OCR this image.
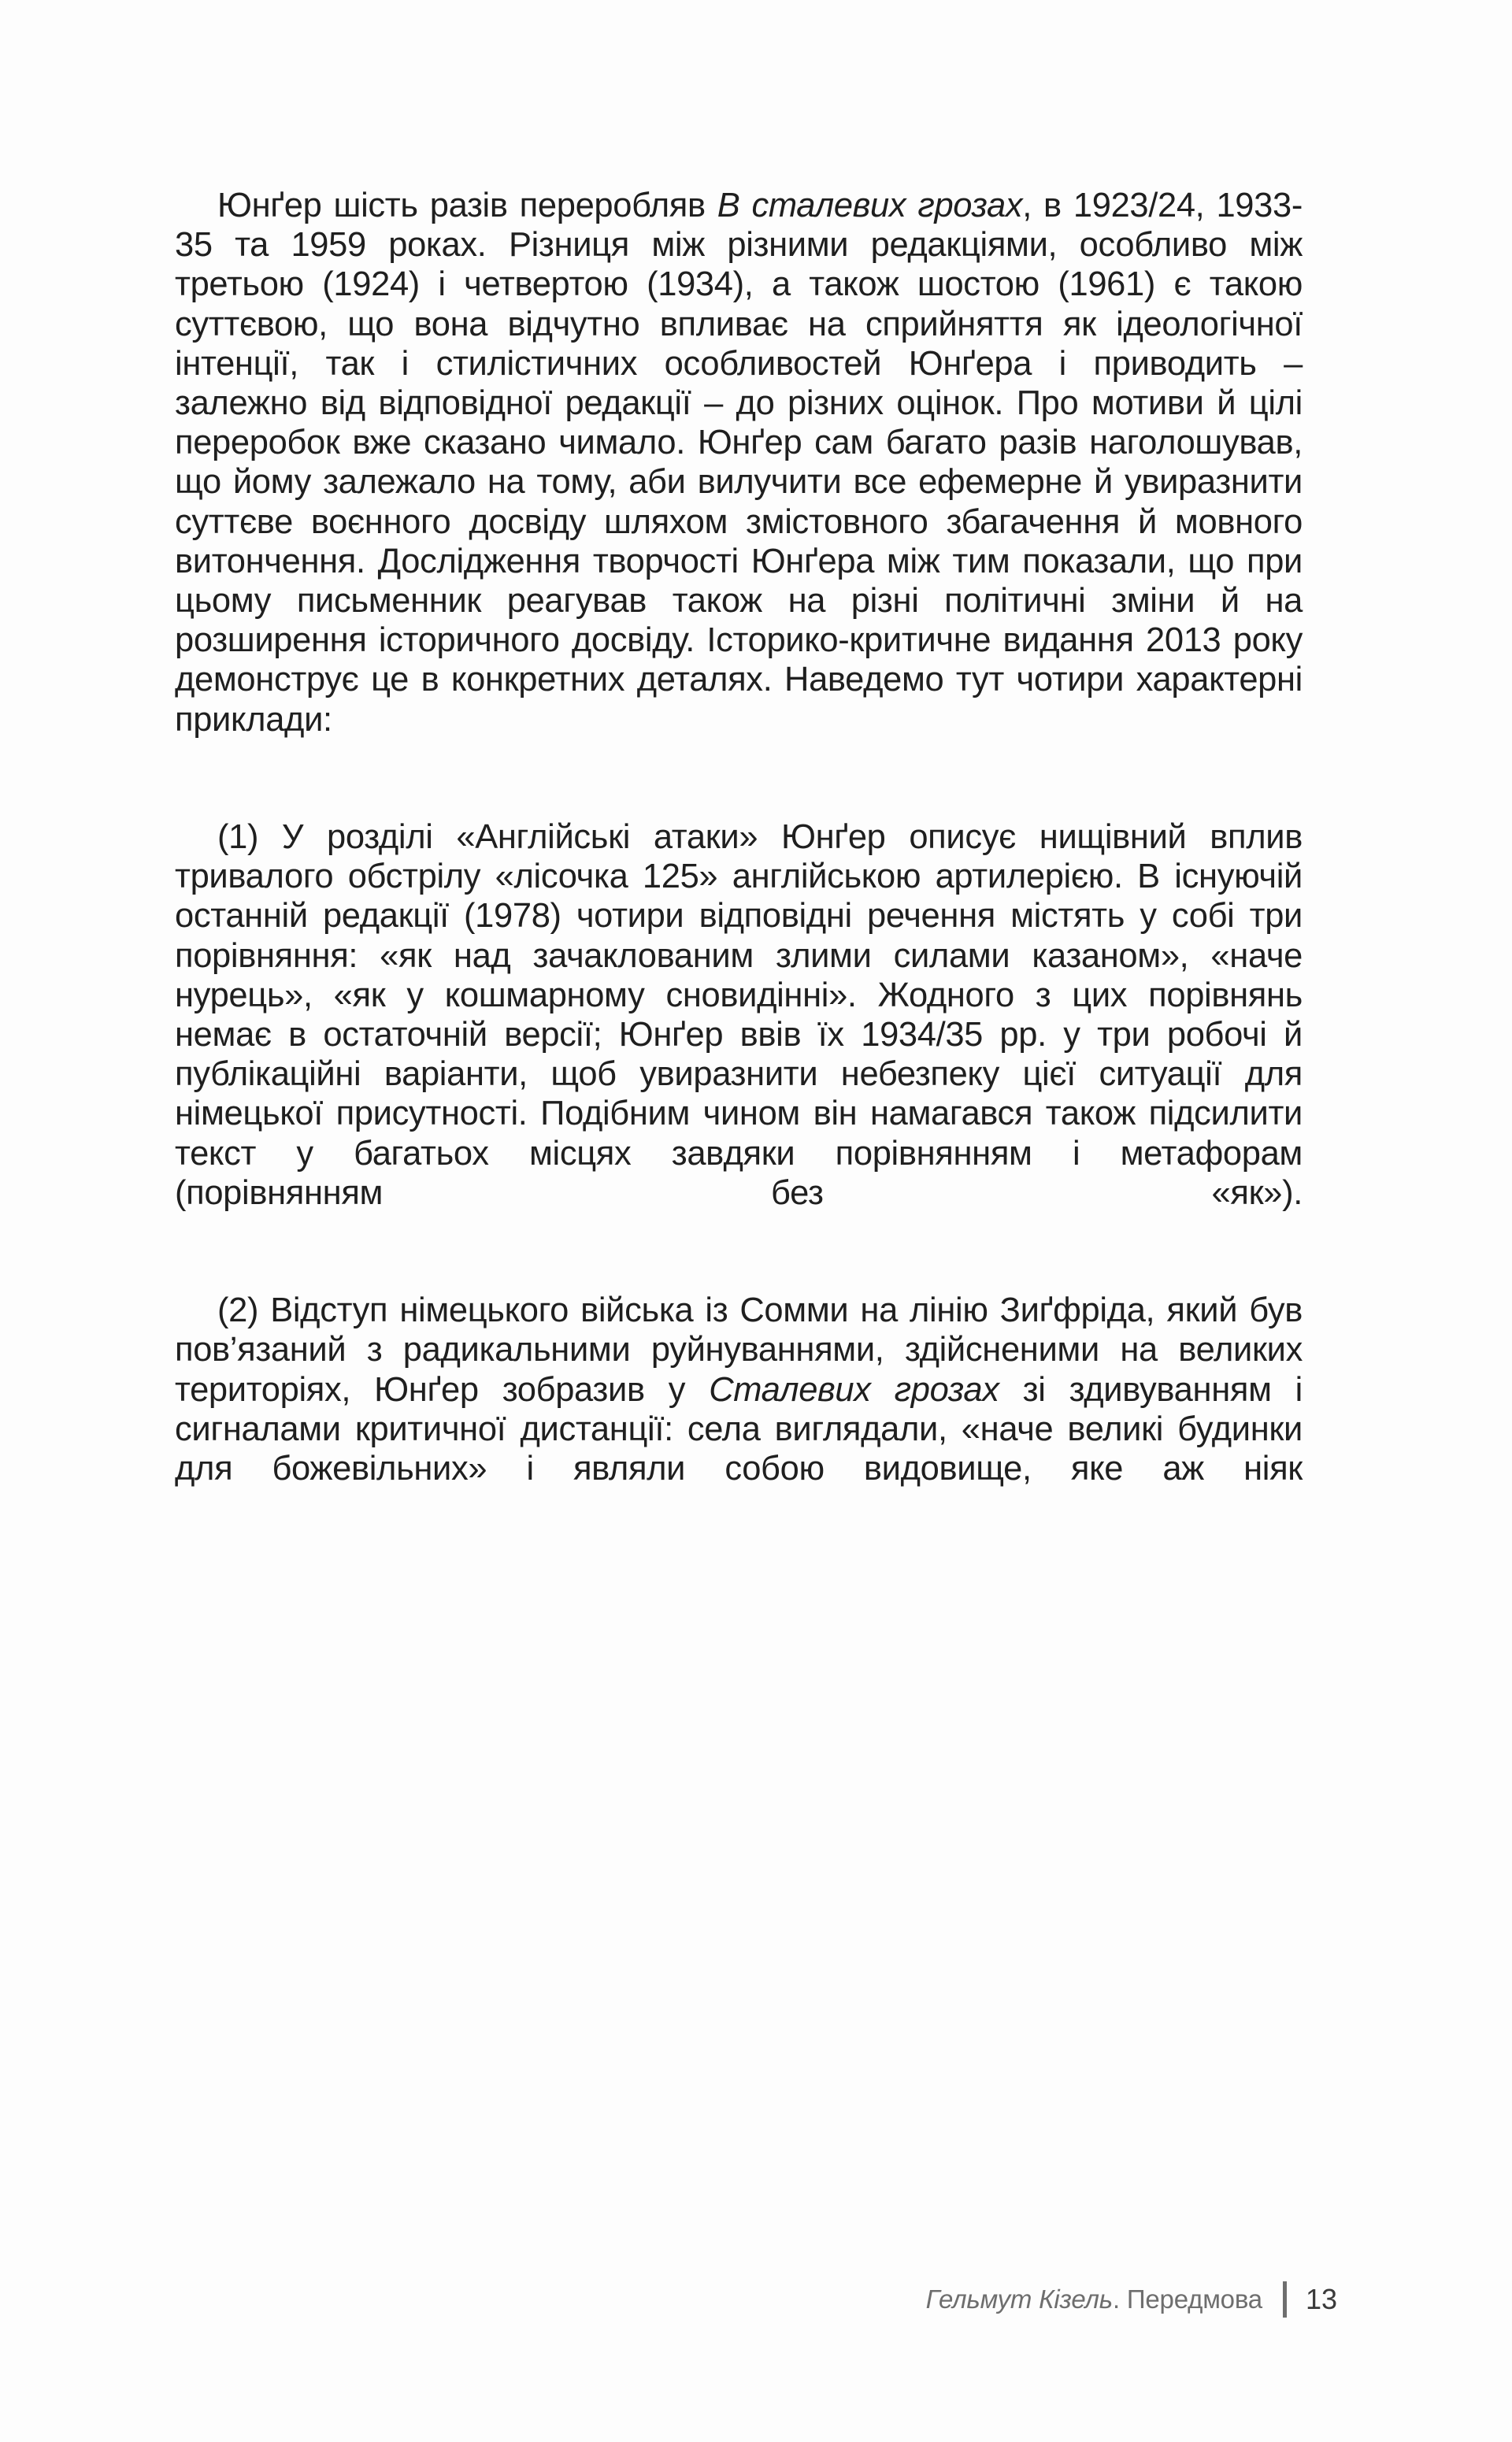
Юнґер шість разів переробляв В сталевих грозах, в 1923/24, 1933-35 та 1959 роках. Різниця між різними редакціями, особливо між третьою (1924) і четвертою (1934), а також шостою (1961) є такою суттєвою, що вона відчутно впливає на сприйняття як ідеологічної інтенції, так і стилістичних особливостей Юнґера і приводить – залежно від відповідної редакції – до різних оцінок. Про мотиви й цілі переробок вже сказано чимало. Юнґер сам багато разів наголошував, що йому залежало на тому, аби вилучити все ефемерне й увиразнити суттєве воєнного досвіду шляхом змістовного збагачення й мовного витончення. Дослідження творчості Юнґера між тим показали, що при цьому письменник реагував також на різні політичні зміни й на розширення історичного досвіду. Історико-критичне видання 2013 року демонструє це в конкретних деталях. Наведемо тут чотири характерні приклади:

(1) У розділі «Англійські атаки» Юнґер описує нищівний вплив тривалого обстрілу «лісочка 125» англійською артилерією. В існуючій останній редакції (1978) чотири відповідні речення містять у собі три порівняння: «як над зачаклованим злими силами казаном», «наче нурець», «як у кошмарному сновидінні». Жодного з цих порівнянь немає в остаточній версії; Юнґер ввів їх 1934/35 рр. у три робочі й публікаційні варіанти, щоб увиразнити небезпеку цієї ситуації для німецької присутності. Подібним чином він намагався також підсилити текст у багатьох місцях завдяки порівнянням і метафорам (порівнянням без «як»).

(2) Відступ німецького війська із Сомми на лінію Зиґфріда, який був пов’язаний з радикальними руйнуваннями, здійсненими на великих територіях, Юнґер зобразив у Сталевих грозах зі здивуванням і сигналами критичної дистанції: села виглядали, «наче великі будинки для божевільних» і являли собою видовище, яке аж ніяк

Гельмут Кізель. Передмова 13
